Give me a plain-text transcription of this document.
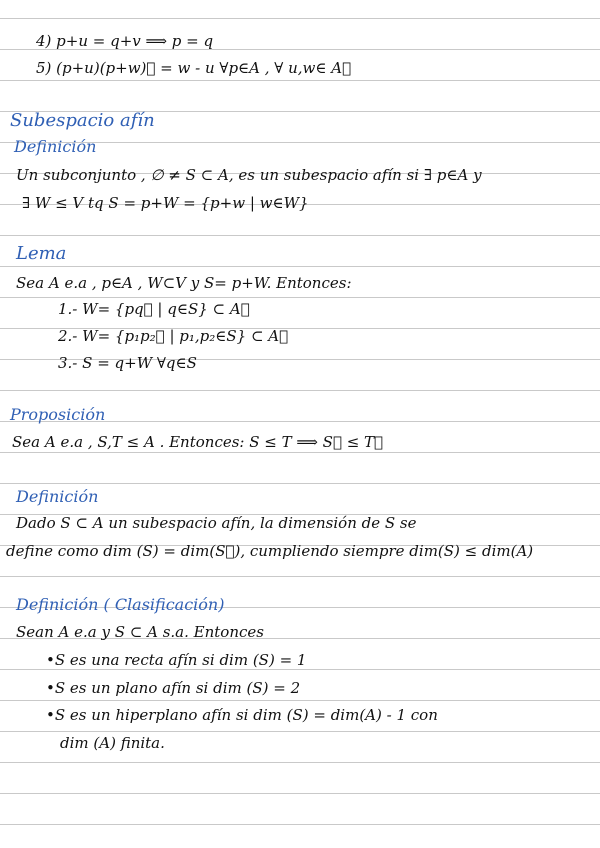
4) p+u = q+v ⟹ p = q
5) (p+u)(p+w)⃗ = w - u ∀p∈A , ∀ u,w∈ A⃗
Subespacio afín
Definición
Un subconjunto , ∅ ≠ S ⊂ A, es un subespacio afín si ∃ p∈A y
∃ W ≤ V tq S = p+W = {p+w | w∈W}
Lema
Sea A e.a , p∈A , W⊂V y S= p+W. Entonces:
1.- W= {pq⃗ | q∈S} ⊂ A⃗
2.- W= {p₁p₂⃗ | p₁,p₂∈S} ⊂ A⃗
3.- S = q+W ∀q∈S
Proposición
Sea A e.a , S,T ≤ A . Entonces: S ≤ T ⟹ S⃗ ≤ T⃗
Definición
Dado S ⊂ A un subespacio afín, la dimensión de S se
define como dim (S) = dim(S⃗), cumpliendo siempre dim(S) ≤ dim(A)
Definición ( Clasificación)
Sean A e.a y S ⊂ A s.a. Entonces
•S es una recta afín si dim (S) = 1
•S es un plano afín si dim (S) = 2
•S es un hiperplano afín si dim (S) = dim(A) - 1 con
dim (A) finita.
